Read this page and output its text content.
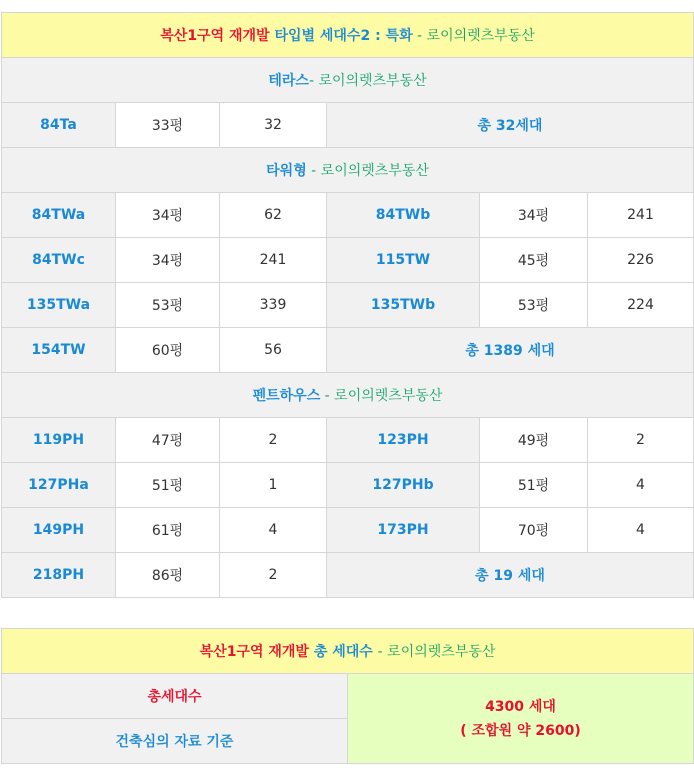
복산1구역 재개발 타입별 세대수2 : 특화 - 로이의렛츠부동산					
테라스- 로이의렛츠부동산					
84Ta	33평	32	총 32세대		
타워형 - 로이의렛츠부동산					
84TWa	34평	62	84TWb	34평	241
84TWc	34평	241	115TW	45평	226
135TWa	53평	339	135TWb	53평	224
154TW	60평	56	총 1389 세대		
펜트하우스 - 로이의렛츠부동산					
119PH	47평	2	123PH	49평	2
127PHa	51평	1	127PHb	51평	4
149PH	61평	4	173PH	70평	4
218PH	86평	2	총 19 세대		
복산1구역 재개발 총 세대수 - 로이의렛츠부동산
총세대수	
4300 세대
( 조합원 약 2600)

건축심의 자료 기준
